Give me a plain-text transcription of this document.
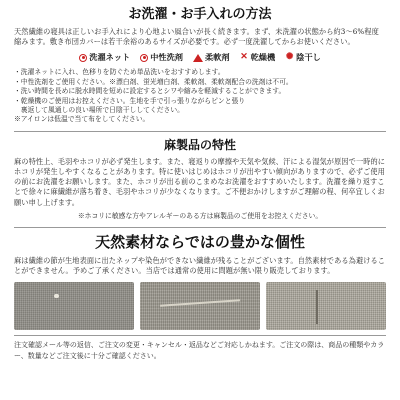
お洗濯・お手入れの方法

天然繊維の寝具は正しいお手入れにより心地よい風合いが長く続きます。まず、未洗濯の状態から約3〜6%程度縮みます。敷き布団カバーは若干余裕のあるサイズが必要です。必ず一度洗濯してからお使いください。

洗濯ネット 中性洗剤	柔軟剤 ✕ 乾燥機 ✺ 陰干し
・洗濯ネットに入れ、色移りを防ぐため単品洗いをおすすめします。
・中性洗剤をご使用ください。※漂白剤、蛍光増白剤、柔軟剤、柔軟剤配合の洗剤は不可。
・洗い時間を長めに脱水時間を短めに設定するとシワや縮みを軽減することができます。
・乾燥機のご使用はお控えください。生地を手で引っ張りながらピンと張り
　裏返して風通しの良い場所で日陰干ししてください。
※アイロンは低温で当て布をしてください。
麻製品の特性

麻の特性上、毛羽やホコリが必ず発生します。また、寝返りの摩擦や天気や気候、汗による湿気が原因で一時的にホコリが発生しやすくなることがあります。特に使いはじめはホコリが出やすい傾向がありますので、必ずご使用の前にお洗濯をお願いします。また、ホコリが出る前のこまめなお洗濯をおすすめいたします。洗濯を繰り返すことで徐々に麻繊維が落ち着き、毛羽やホコリが少なくなります。ご不便おかけしますがご理解の程、何卒宜しくお願い申し上げます。

※ホコリに敏感な方やアレルギーのある方は麻製品のご使用をお控えください。

天然素材ならではの豊かな個性

麻は繊維の節が生地表面に出たネップや染色ができない繊維が残ることがございます。自然素材である為避けることができません。予めご了承ください。当店では通常の使用に問題が無い限り販売しております。

注文確認メール等の返信、ご注文の変更・キャンセル・返品などご対応しかねます。ご注文の際は、商品の種類やカラー、数量などご注文後に十分ご確認ください。
